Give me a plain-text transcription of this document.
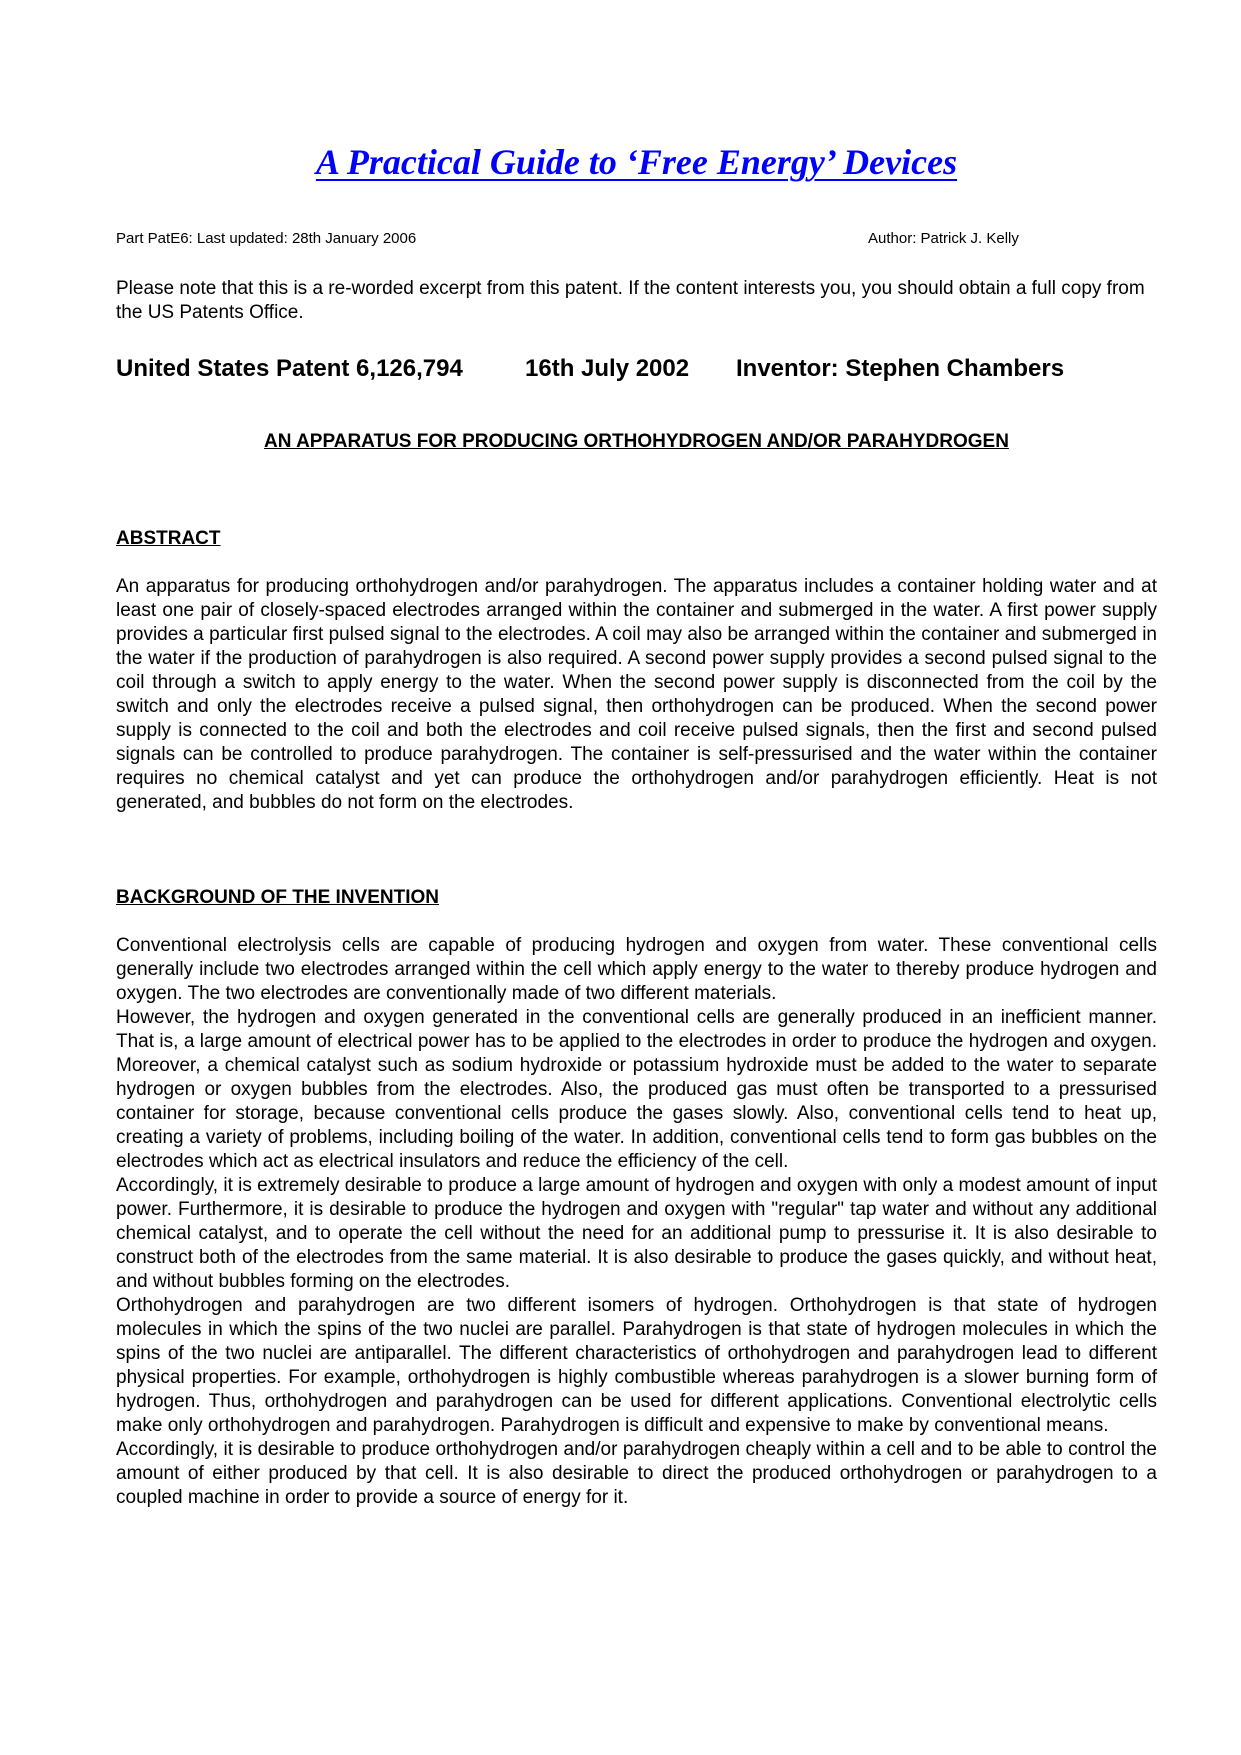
A Practical Guide to ‘Free Energy’ Devices
Part PatE6: Last updated: 28th January 2006	Author: Patrick J. Kelly

Please note that this is a re-worded excerpt from this patent. If the content interests you, you should obtain a full copy from the US Patents Office.

United States Patent 6,126,794	16th July 2002 Inventor: Stephen Chambers
AN APPARATUS FOR PRODUCING ORTHOHYDROGEN AND/OR PARAHYDROGEN
ABSTRACT

An apparatus for producing orthohydrogen and/or parahydrogen. The apparatus includes a container holding water and at least one pair of closely-spaced electrodes arranged within the container and submerged in the water. A first power supply provides a particular first pulsed signal to the electrodes. A coil may also be arranged within the container and submerged in the water if the production of parahydrogen is also required. A second power supply provides a second pulsed signal to the coil through a switch to apply energy to the water. When the second power supply is disconnected from the coil by the switch and only the electrodes receive a pulsed signal, then orthohydrogen can be produced. When the second power supply is connected to the coil and both the electrodes and coil receive pulsed signals, then the first and second pulsed signals can be controlled to produce parahydrogen. The container is self-pressurised and the water within the container requires no chemical catalyst and yet can produce the orthohydrogen and/or parahydrogen efficiently. Heat is not generated, and bubbles do not form on the electrodes.

BACKGROUND OF THE INVENTION

Conventional electrolysis cells are capable of producing hydrogen and oxygen from water. These conventional cells generally include two electrodes arranged within the cell which apply energy to the water to thereby produce hydrogen and oxygen. The two electrodes are conventionally made of two different materials.

However, the hydrogen and oxygen generated in the conventional cells are generally produced in an inefficient manner. That is, a large amount of electrical power has to be applied to the electrodes in order to produce the hydrogen and oxygen. Moreover, a chemical catalyst such as sodium hydroxide or potassium hydroxide must be added to the water to separate hydrogen or oxygen bubbles from the electrodes. Also, the produced gas must often be transported to a pressurised container for storage, because conventional cells produce the gases slowly. Also, conventional cells tend to heat up, creating a variety of problems, including boiling of the water. In addition, conventional cells tend to form gas bubbles on the electrodes which act as electrical insulators and reduce the efficiency of the cell.

Accordingly, it is extremely desirable to produce a large amount of hydrogen and oxygen with only a modest amount of input power. Furthermore, it is desirable to produce the hydrogen and oxygen with "regular" tap water and without any additional chemical catalyst, and to operate the cell without the need for an additional pump to pressurise it. It is also desirable to construct both of the electrodes from the same material. It is also desirable to produce the gases quickly, and without heat, and without bubbles forming on the electrodes.

Orthohydrogen and parahydrogen are two different isomers of hydrogen. Orthohydrogen is that state of hydrogen molecules in which the spins of the two nuclei are parallel. Parahydrogen is that state of hydrogen molecules in which the spins of the two nuclei are antiparallel. The different characteristics of orthohydrogen and parahydrogen lead to different physical properties. For example, orthohydrogen is highly combustible whereas parahydrogen is a slower burning form of hydrogen. Thus, orthohydrogen and parahydrogen can be used for different applications. Conventional electrolytic cells make only orthohydrogen and parahydrogen. Parahydrogen is difficult and expensive to make by conventional means.

Accordingly, it is desirable to produce orthohydrogen and/or parahydrogen cheaply within a cell and to be able to control the amount of either produced by that cell. It is also desirable to direct the produced orthohydrogen or parahydrogen to a coupled machine in order to provide a source of energy for it.
